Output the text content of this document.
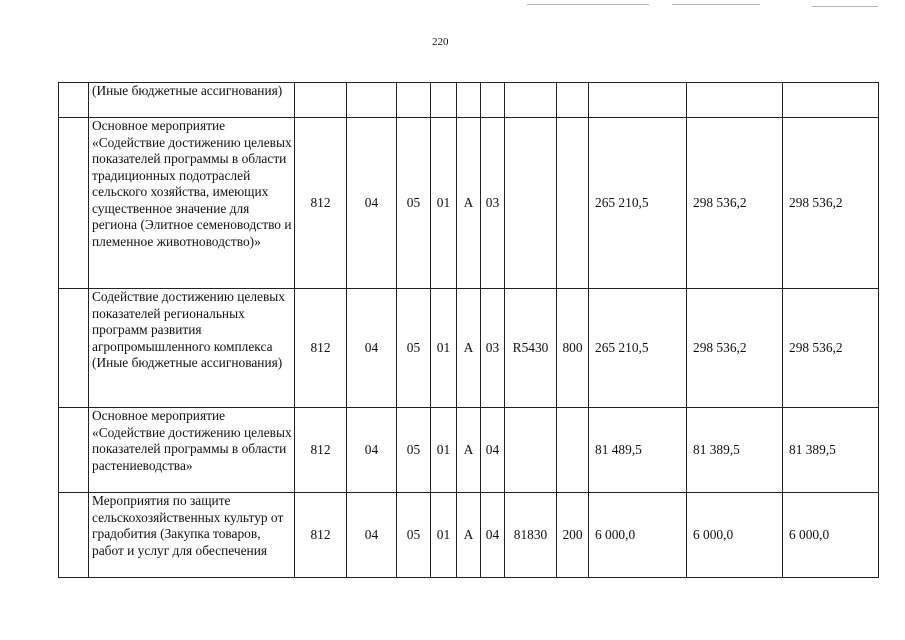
220
	(Иные бюджетные ассигнования)											
	Основное мероприятие «Содействие достижению целевых показателей программы в области традиционных подотраслей сельского хозяйства, имеющих существенное значение для региона (Элитное семеноводство и племенное животноводство)»	812	04	05	01	А	03			265 210,5	298 536,2	298 536,2
	Содействие достижению целевых показателей региональных программ развития агропромышленного комплекса (Иные бюджетные ассигнования)	812	04	05	01	А	03	R5430	800	265 210,5	298 536,2	298 536,2
	Основное мероприятие «Содействие достижению целевых показателей программы в области растениеводства»	812	04	05	01	А	04			81 489,5	81 389,5	81 389,5
	Мероприятия по защите сельскохозяйственных культур от градобития (Закупка товаров, работ и услуг для обеспечения	812	04	05	01	А	04	81830	200	6 000,0	6 000,0	6 000,0
